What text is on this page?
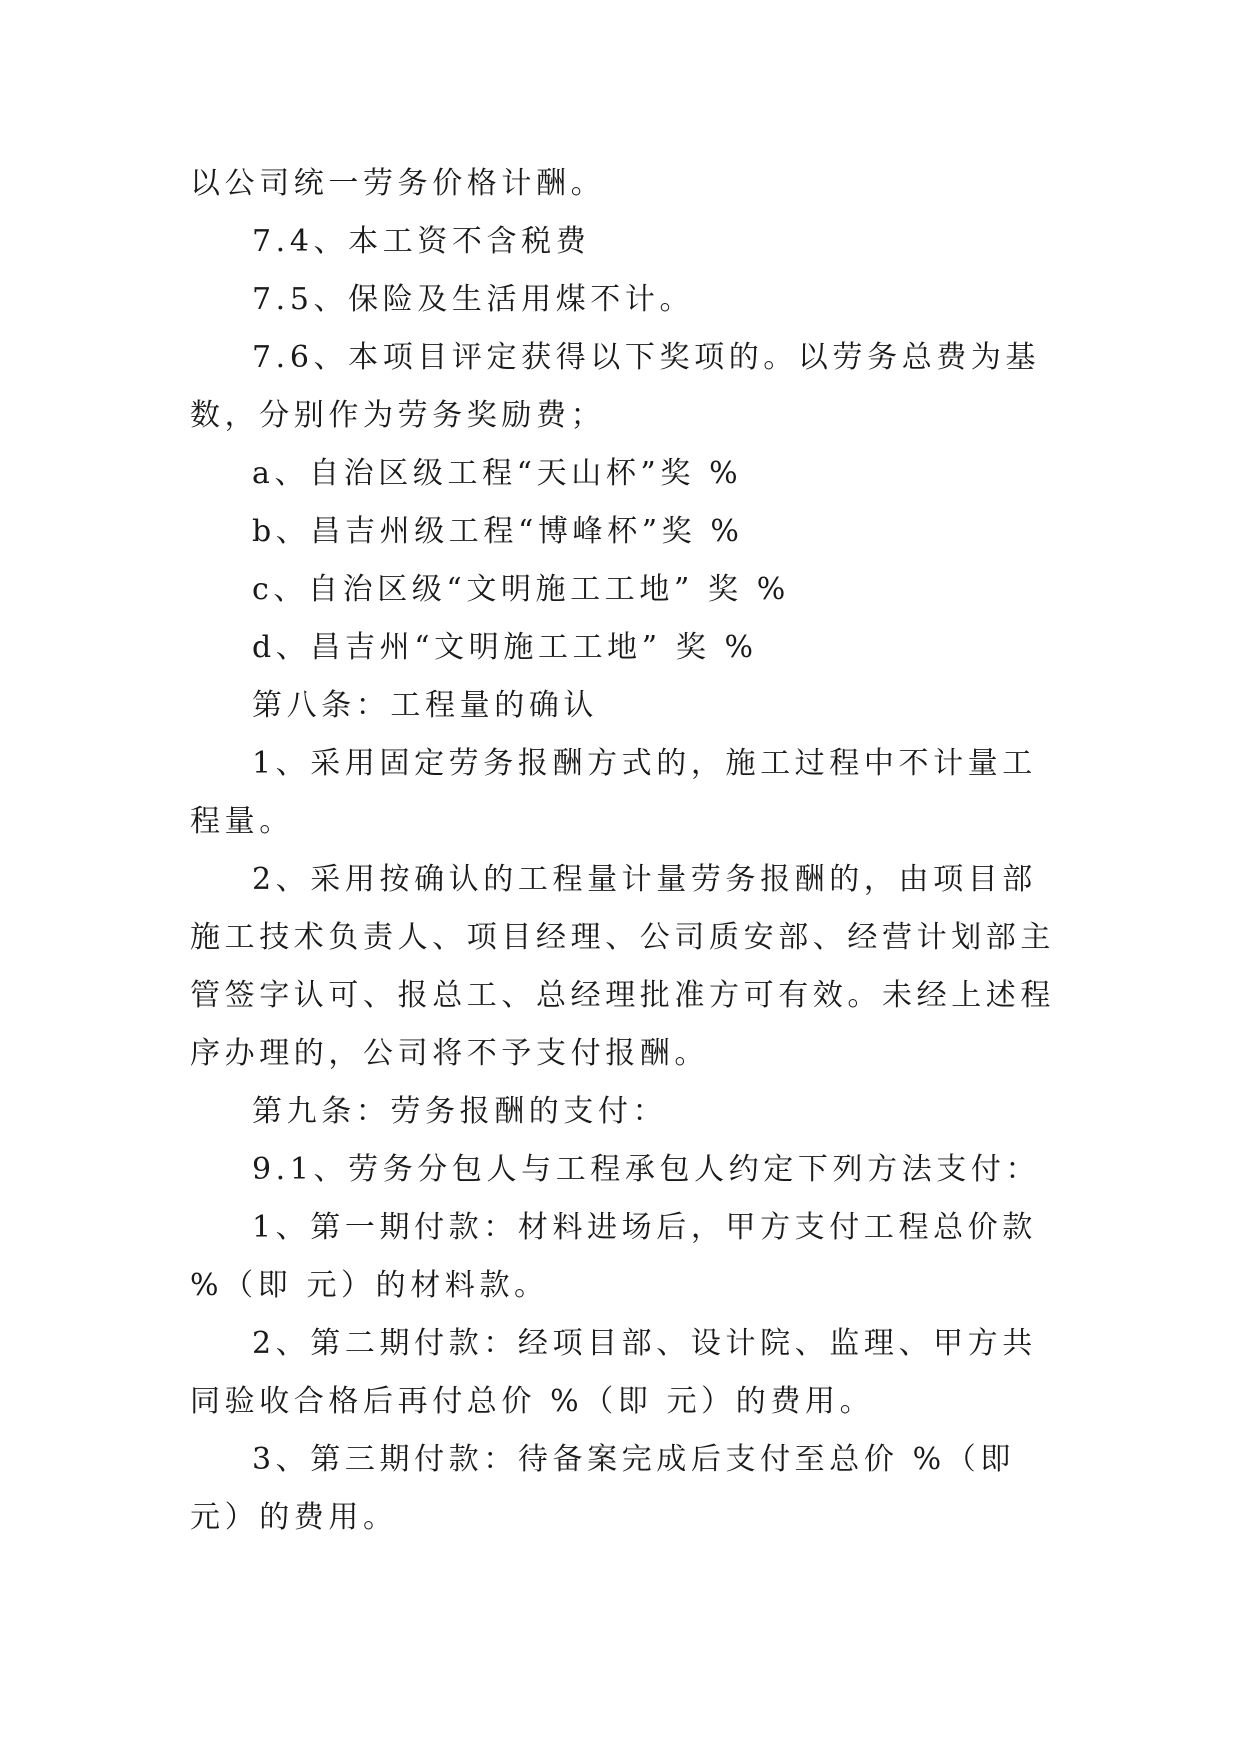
以公司统一劳务价格计酬。

7.4、本工资不含税费

7.5、保险及生活用煤不计。

7.6、本项目评定获得以下奖项的。以劳务总费为基数，分别作为劳务奖励费；

a、自治区级工程“天山杯”奖 %

b、昌吉州级工程“博峰杯”奖 %

c、自治区级“文明施工工地” 奖 %

d、昌吉州“文明施工工地” 奖 %

第八条：工程量的确认

1、采用固定劳务报酬方式的，施工过程中不计量工程量。

2、采用按确认的工程量计量劳务报酬的，由项目部施工技术负责人、项目经理、公司质安部、经营计划部主管签字认可、报总工、总经理批准方可有效。未经上述程序办理的，公司将不予支付报酬。

第九条：劳务报酬的支付：

9.1、劳务分包人与工程承包人约定下列方法支付：

1、第一期付款：材料进场后，甲方支付工程总价款 %（即 元）的材料款。

2、第二期付款：经项目部、设计院、监理、甲方共同验收合格后再付总价 %（即 元）的费用。

3、第三期付款：待备案完成后支付至总价 %（即 元）的费用。
